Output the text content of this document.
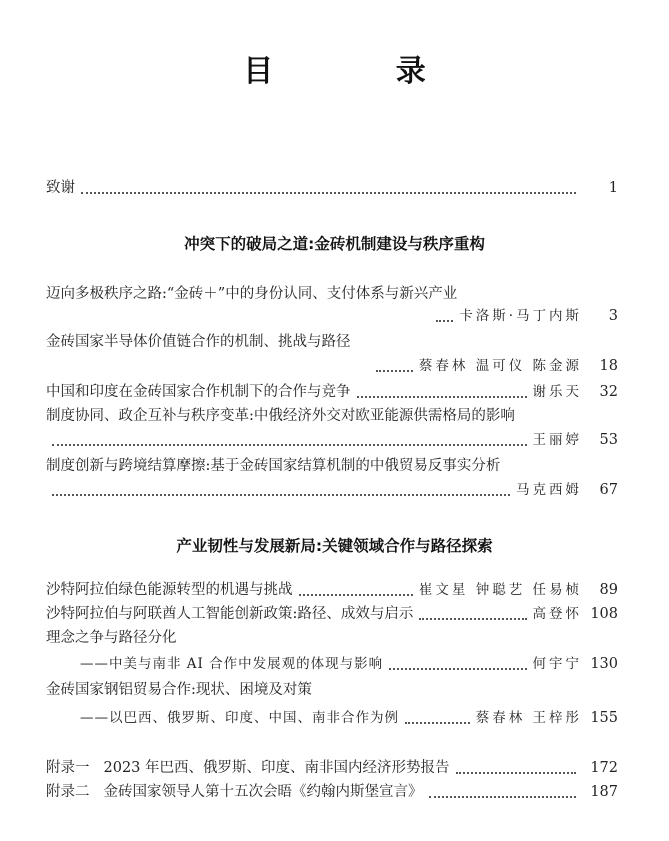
目 录
致谢	1
冲突下的破局之道:金砖机制建设与秩序重构
迈向多极秩序之路:“金砖＋”中的身份认同、支付体系与新兴产业
卡洛斯·马丁内斯	3
金砖国家半导体价值链合作的机制、挑战与路径
蔡春林 温可仪 陈金源	18
中国和印度在金砖国家合作机制下的合作与竞争	谢乐天	32
制度协同、政企互补与秩序变革:中俄经济外交对欧亚能源供需格局的影响
王丽婷	53
制度创新与跨境结算摩擦:基于金砖国家结算机制的中俄贸易反事实分析
马克西姆	67
产业韧性与发展新局:关键领域合作与路径探索
沙特阿拉伯绿色能源转型的机遇与挑战	崔文星 钟聪艺 任易桢	89
沙特阿拉伯与阿联酋人工智能创新政策:路径、成效与启示	高登怀 108
理念之争与路径分化
——中美与南非 AI 合作中发展观的体现与影响	何宇宁 130
金砖国家钢铝贸易合作:现状、困境及对策
——以巴西、俄罗斯、印度、中国、南非合作为例	蔡春林 王梓彤 155
附录一 2023 年巴西、俄罗斯、印度、南非国内经济形势报告	172
附录二 金砖国家领导人第十五次会晤《约翰内斯堡宣言》	187
